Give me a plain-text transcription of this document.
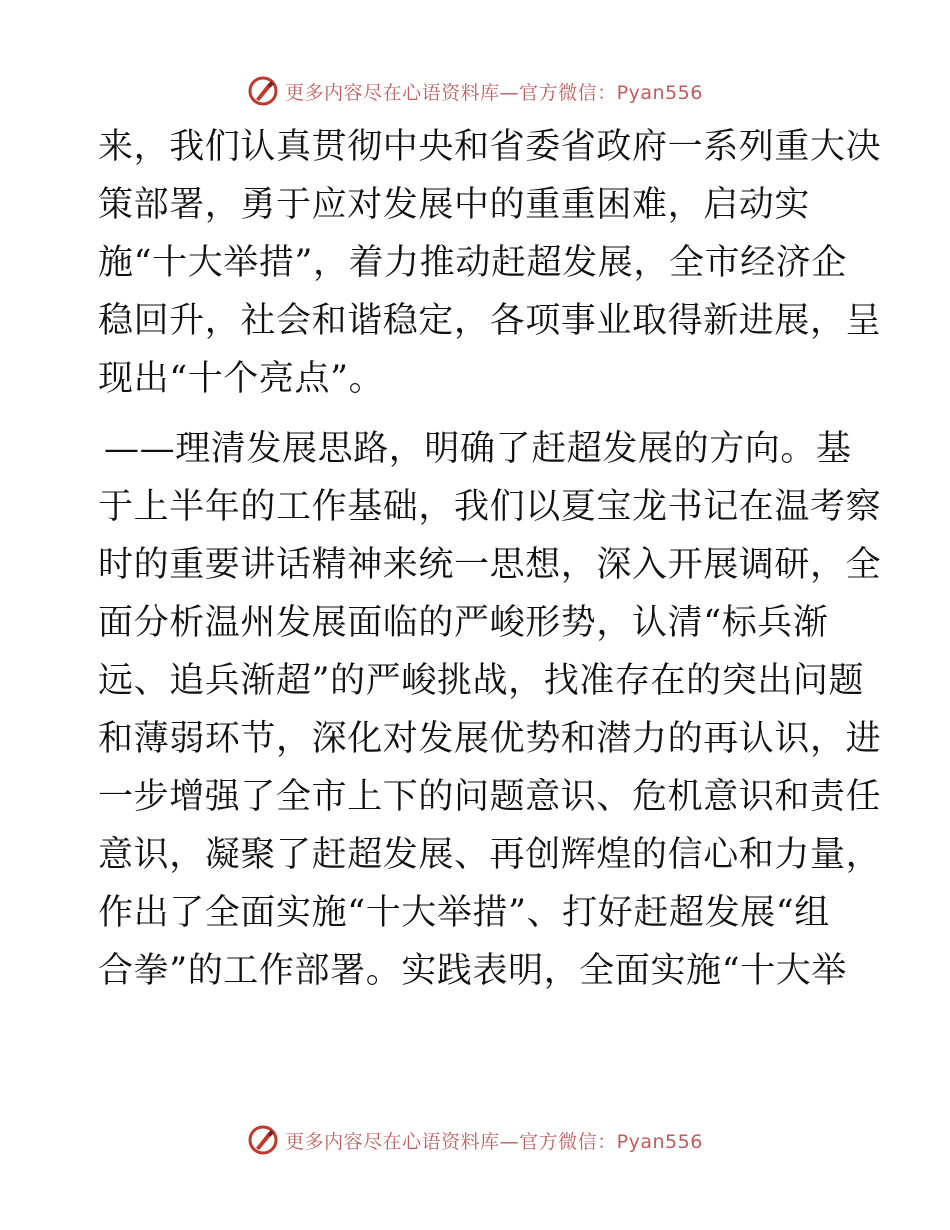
更多内容尽在心语资料库—官方微信：Pyan556
来，我们认真贯彻中央和省委省政府一系列重大决
策部署，勇于应对发展中的重重困难，启动实
施“十大举措”，着力推动赶超发展，全市经济企
稳回升，社会和谐稳定，各项事业取得新进展，呈
现出“十个亮点”。
——理清发展思路，明确了赶超发展的方向。基
于上半年的工作基础，我们以夏宝龙书记在温考察
时的重要讲话精神来统一思想，深入开展调研，全
面分析温州发展面临的严峻形势，认清“标兵渐
远、追兵渐超”的严峻挑战，找准存在的突出问题
和薄弱环节，深化对发展优势和潜力的再认识，进
一步增强了全市上下的问题意识、危机意识和责任
意识，凝聚了赶超发展、再创辉煌的信心和力量，
作出了全面实施“十大举措”、打好赶超发展“组
合拳”的工作部署。实践表明，全面实施“十大举
更多内容尽在心语资料库—官方微信：Pyan556
